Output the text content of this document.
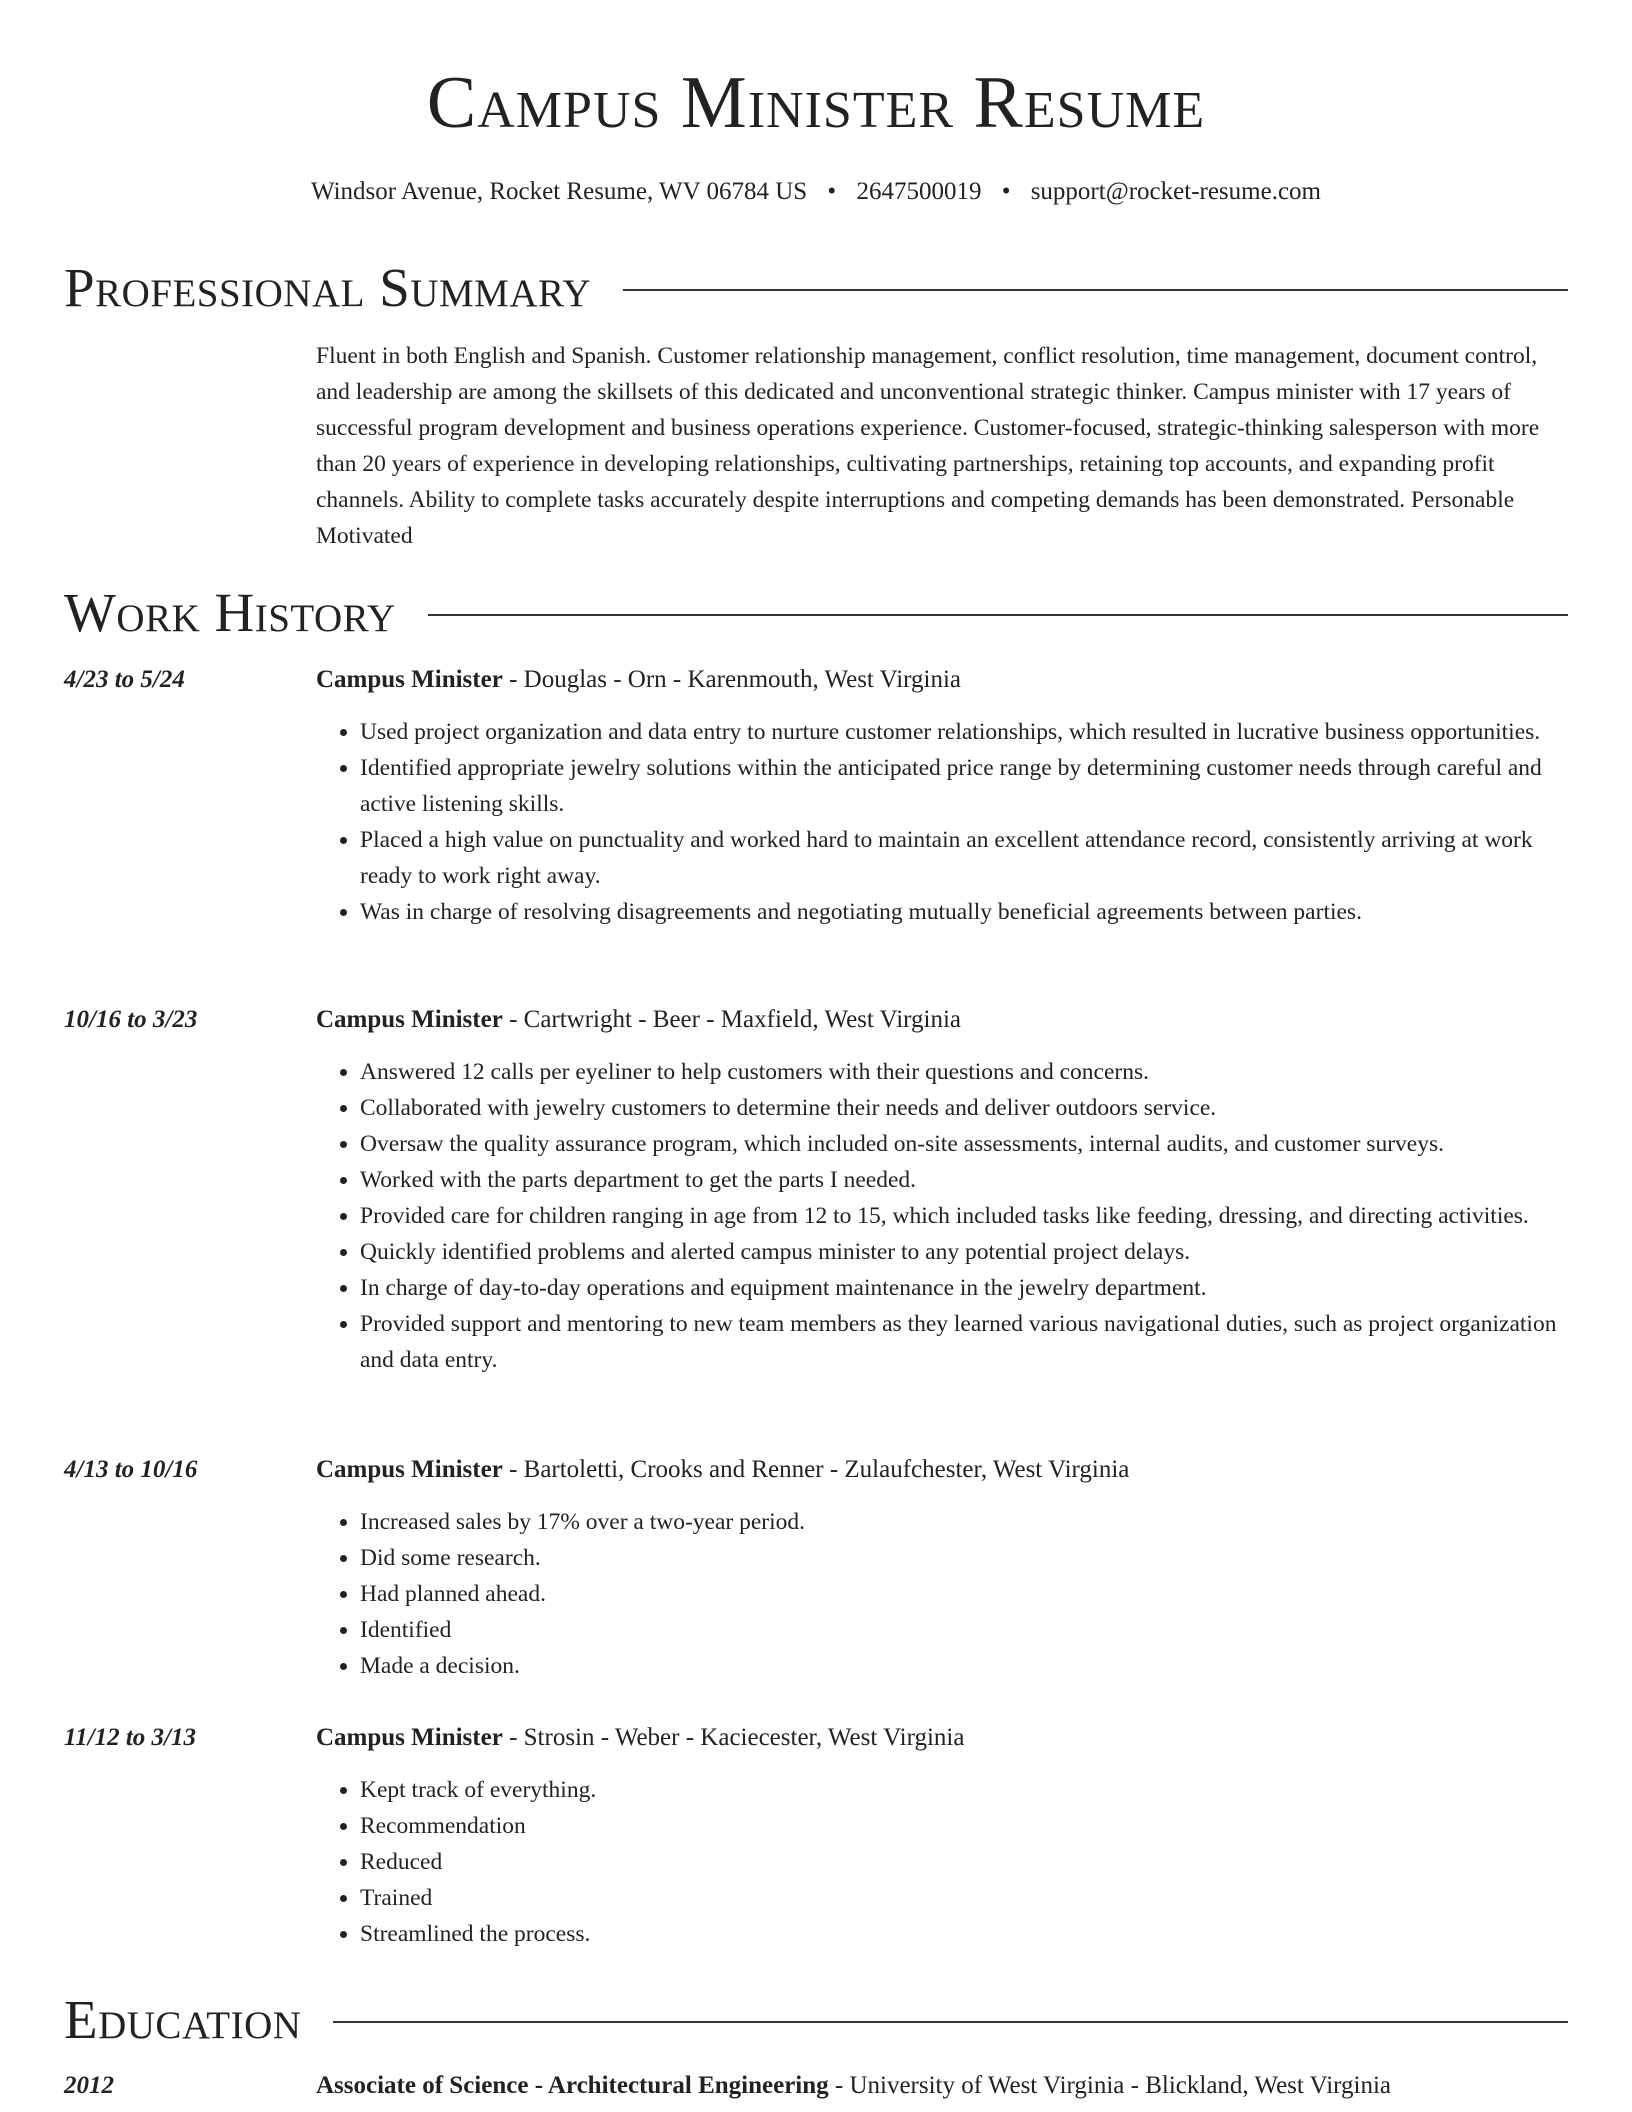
Campus Minister Resume
Windsor Avenue, Rocket Resume, WV 06784 US • 2647500019 • support@rocket-resume.com
Professional Summary
Fluent in both English and Spanish. Customer relationship management, conflict resolution, time management, document control, and leadership are among the skillsets of this dedicated and unconventional strategic thinker. Campus minister with 17 years of successful program development and business operations experience. Customer-focused, strategic-thinking salesperson with more than 20 years of experience in developing relationships, cultivating partnerships, retaining top accounts, and expanding profit channels. Ability to complete tasks accurately despite interruptions and competing demands has been demonstrated. Personable Motivated
Work History
4/23 to 5/24	Campus Minister - Douglas - Orn - Karenmouth, West Virginia
• Used project organization and data entry to nurture customer relationships, which resulted in lucrative business opportunities.
• Identified appropriate jewelry solutions within the anticipated price range by determining customer needs through careful and active listening skills.
• Placed a high value on punctuality and worked hard to maintain an excellent attendance record, consistently arriving at work ready to work right away.
• Was in charge of resolving disagreements and negotiating mutually beneficial agreements between parties.
10/16 to 3/23	Campus Minister - Cartwright - Beer - Maxfield, West Virginia
• Answered 12 calls per eyeliner to help customers with their questions and concerns.
• Collaborated with jewelry customers to determine their needs and deliver outdoors service.
• Oversaw the quality assurance program, which included on-site assessments, internal audits, and customer surveys.
• Worked with the parts department to get the parts I needed.
• Provided care for children ranging in age from 12 to 15, which included tasks like feeding, dressing, and directing activities.
• Quickly identified problems and alerted campus minister to any potential project delays.
• In charge of day-to-day operations and equipment maintenance in the jewelry department.
• Provided support and mentoring to new team members as they learned various navigational duties, such as project organization and data entry.
4/13 to 10/16	Campus Minister - Bartoletti, Crooks and Renner - Zulaufchester, West Virginia
• Increased sales by 17% over a two-year period.
• Did some research.
• Had planned ahead.
• Identified
• Made a decision.
11/12 to 3/13	Campus Minister - Strosin - Weber - Kaciecester, West Virginia
• Kept track of everything.
• Recommendation
• Reduced
• Trained
• Streamlined the process.
Education
2012	Associate of Science - Architectural Engineering - University of West Virginia - Blickland, West Virginia
